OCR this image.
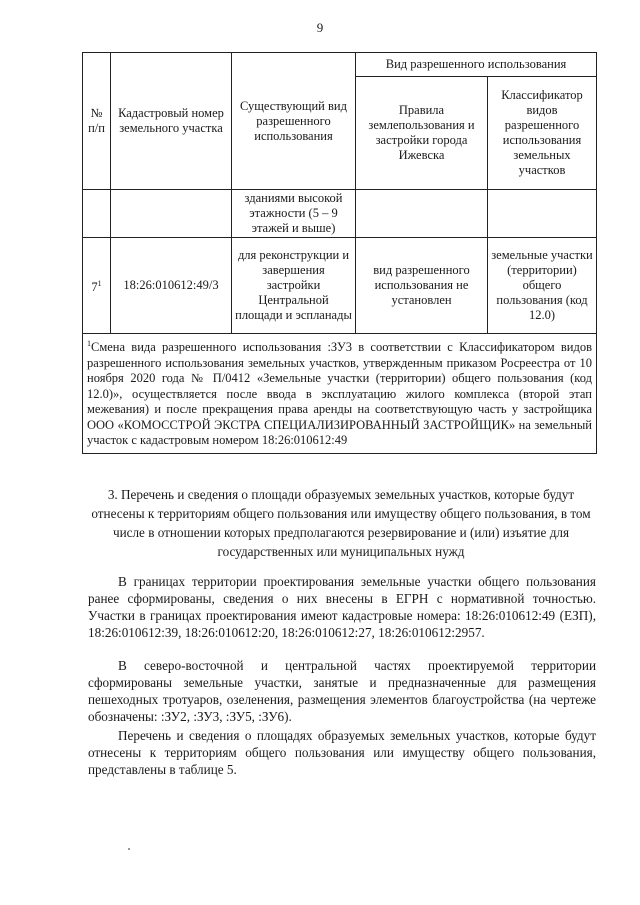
9
№ п/п	Кадастровый номер земельного участка	Существующий вид разрешенного использования	Вид разрешенного использования	
			Правила землепользования и застройки города Ижевска	Классификатор видов разрешенного использования земельных участков
		зданиями высокой этажности (5 – 9 этажей и выше)		
$7^1$	18:26:010612:49/3	для реконструкции и завершения застройки Центральной площади и эспланады	вид разрешенного использования не установлен	земельные участки (территории) общего пользования (код 12.0)
$^1$Смена вида разрешенного использования :ЗУ3 в соответствии с Классификатором видов разрешенного использования земельных участков, утвержденным приказом Росреестра от 10 ноября 2020 года № П/0412 «Земельные участки (территории) общего пользования (код 12.0)», осуществляется после ввода в эксплуатацию жилого комплекса (второй этап межевания) и после прекращения права аренды на соответствующую часть у застройщика ООО «КОМОССТРОЙ ЭКСТРА СПЕЦИАЛИЗИРОВАННЫЙ ЗАСТРОЙЩИК» на земельный участок с кадастровым номером 18:26:010612:49				
3. Перечень и сведения о площади образуемых земельных участков, которые будут отнесены к территориям общего пользования или имуществу общего пользования, в том числе в отношении которых предполагаются резервирование и (или) изъятие для государственных или муниципальных нужд

В границах территории проектирования земельные участки общего пользования ранее сформированы, сведения о них внесены в ЕГРН с нормативной точностью. Участки в границах проектирования имеют кадастровые номера: 18:26:010612:49 (ЕЗП), 18:26:010612:39, 18:26:010612:20, 18:26:010612:27, 18:26:010612:2957.

В северо-восточной и центральной частях проектируемой территории сформированы земельные участки, занятые и предназначенные для размещения пешеходных тротуаров, озеленения, размещения элементов благоустройства (на чертеже обозначены: :ЗУ2, :ЗУ3, :ЗУ5, :ЗУ6).

Перечень и сведения о площадях образуемых земельных участков, которые будут отнесены к территориям общего пользования или имуществу общего пользования, представлены в таблице 5.
